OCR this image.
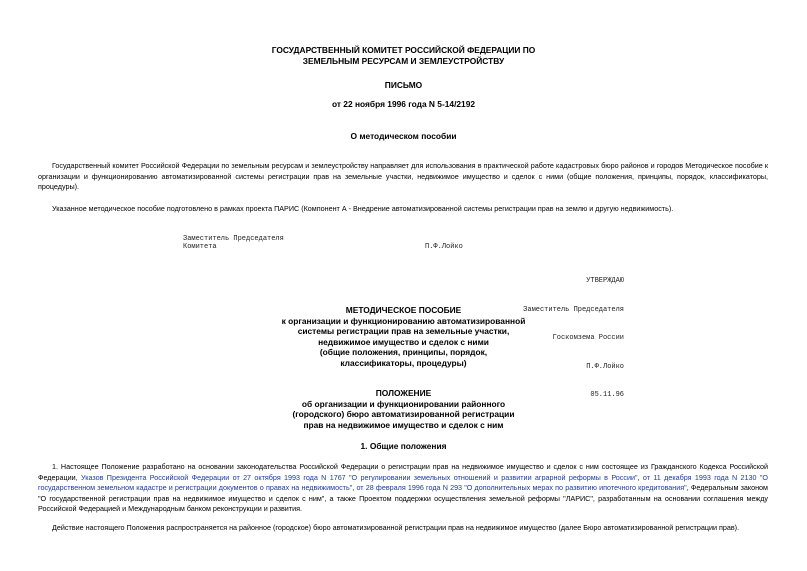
ГОСУДАРСТВЕННЫЙ КОМИТЕТ РОССИЙСКОЙ ФЕДЕРАЦИИ ПО
ЗЕМЕЛЬНЫМ РЕСУРСАМ И ЗЕМЛЕУСТРОЙСТВУ
ПИСЬМО
от 22 ноября 1996 года N 5-14/2192
О методическом пособии
Государственный комитет Российской Федерации по земельным ресурсам и землеустройству направляет для использования в практической работе кадастровых бюро районов и городов Методическое пособие к организации и функционированию автоматизированной системы регистрации прав на земельные участки, недвижимое имущество и сделок с ними (общие положения, принципы, порядок, классификаторы, процедуры).
Указанное методическое пособие подготовлено в рамках проекта ПАРИС (Компонент А - Внедрение автоматизированной системы регистрации прав на землю и другую недвижимость).
Заместитель Председателя
Комитета	П.Ф.Лойко

УТВЕРЖДАЮ

Заместитель Председателя

Госкомзема России

П.Ф.Лойко

05.11.96

МЕТОДИЧЕСКОЕ ПОСОБИЕ
к организации и функционированию автоматизированной
системы регистрации прав на земельные участки,
недвижимое имущество и сделок с ними
(общие положения, принципы, порядок,
классификаторы, процедуры)
ПОЛОЖЕНИЕ
об организации и функционировании районного
(городского) бюро автоматизированной регистрации
прав на недвижимое имущество и сделок с ним
1. Общие положения
1. Настоящее Положение разработано на основании законодательства Российской Федерации о регистрации прав на недвижимое имущество и сделок с ним состоящее из Гражданского Кодекса Российской Федерации, Указов Президента Российской Федерации от 27 октября 1993 года N 1767 "О регулировании земельных отношений и развитии аграрной реформы в России", от 11 декабря 1993 года N 2130 "О государственном земельном кадастре и регистрации документов о правах на недвижимость", от 28 февраля 1996 года N 293 "О дополнительных мерах по развитию ипотечного кредитования", Федеральным законом "О государственной регистрации прав на недвижимое имущество и сделок с ним", а также Проектом поддержки осуществления земельной реформы "ЛАРИС", разработанным на основании соглашения между Российской Федерацией и Международным банком реконструкции и развития.
Действие настоящего Положения распространяется на районное (городское) бюро автоматизированной регистрации прав на недвижимое имущество (далее Бюро автоматизированной регистрации прав).
